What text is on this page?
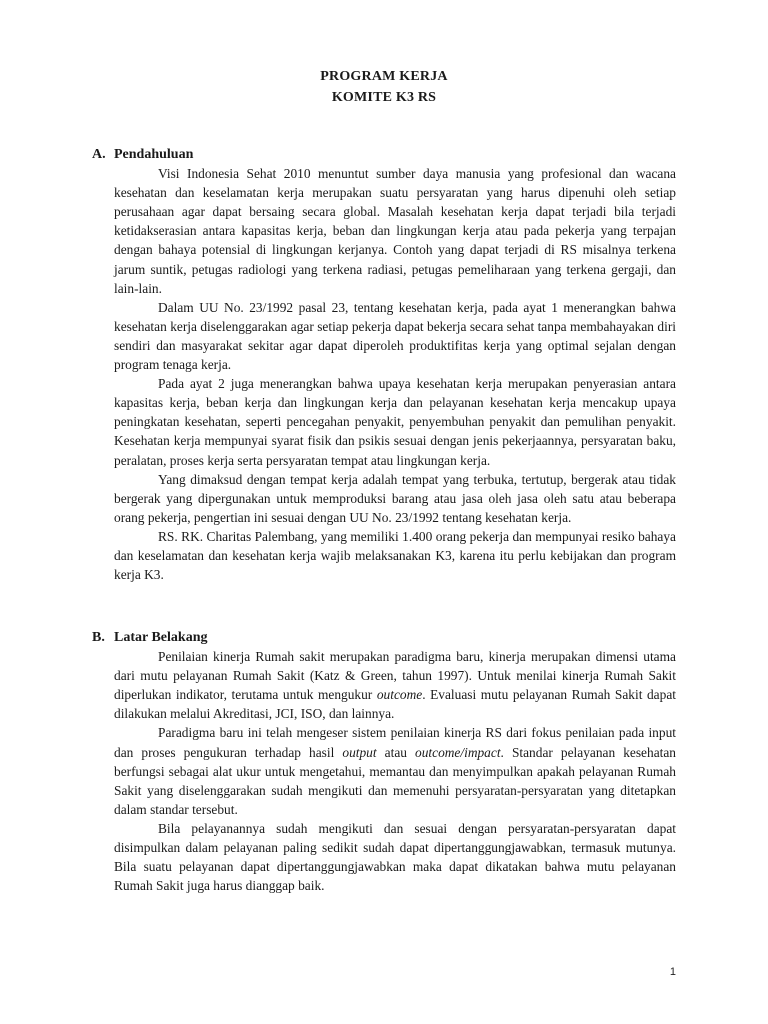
PROGRAM KERJA
KOMITE K3 RS
A. Pendahuluan

Visi Indonesia Sehat 2010 menuntut sumber daya manusia yang profesional dan wacana kesehatan dan keselamatan kerja merupakan suatu persyaratan yang harus dipenuhi oleh setiap perusahaan agar dapat bersaing secara global. Masalah kesehatan kerja dapat terjadi bila terjadi ketidakserasian antara kapasitas kerja, beban dan lingkungan kerja atau pada pekerja yang terpajan dengan bahaya potensial di lingkungan kerjanya. Contoh yang dapat terjadi di RS misalnya terkena jarum suntik, petugas radiologi yang terkena radiasi, petugas pemeliharaan yang terkena gergaji, dan lain-lain.

Dalam UU No. 23/1992 pasal 23, tentang kesehatan kerja, pada ayat 1 menerangkan bahwa kesehatan kerja diselenggarakan agar setiap pekerja dapat bekerja secara sehat tanpa membahayakan diri sendiri dan masyarakat sekitar agar dapat diperoleh produktifitas kerja yang optimal sejalan dengan program tenaga kerja.

Pada ayat 2 juga menerangkan bahwa upaya kesehatan kerja merupakan penyerasian antara kapasitas kerja, beban kerja dan lingkungan kerja dan pelayanan kesehatan kerja mencakup upaya peningkatan kesehatan, seperti pencegahan penyakit, penyembuhan penyakit dan pemulihan penyakit. Kesehatan kerja mempunyai syarat fisik dan psikis sesuai dengan jenis pekerjaannya, persyaratan baku, peralatan, proses kerja serta persyaratan tempat atau lingkungan kerja.

Yang dimaksud dengan tempat kerja adalah tempat yang terbuka, tertutup, bergerak atau tidak bergerak yang dipergunakan untuk memproduksi barang atau jasa oleh jasa oleh satu atau beberapa orang pekerja, pengertian ini sesuai dengan UU No. 23/1992 tentang kesehatan kerja.

RS. RK. Charitas Palembang, yang memiliki 1.400 orang pekerja dan mempunyai resiko bahaya dan keselamatan dan kesehatan kerja wajib melaksanakan K3, karena itu perlu kebijakan dan program kerja K3.

B. Latar Belakang

Penilaian kinerja Rumah sakit merupakan paradigma baru, kinerja merupakan dimensi utama dari mutu pelayanan Rumah Sakit (Katz & Green, tahun 1997). Untuk menilai kinerja Rumah Sakit diperlukan indikator, terutama untuk mengukur outcome. Evaluasi mutu pelayanan Rumah Sakit dapat dilakukan melalui Akreditasi, JCI, ISO, dan lainnya.

Paradigma baru ini telah mengeser sistem penilaian kinerja RS dari fokus penilaian pada input dan proses pengukuran terhadap hasil output atau outcome/impact. Standar pelayanan kesehatan berfungsi sebagai alat ukur untuk mengetahui, memantau dan menyimpulkan apakah pelayanan Rumah Sakit yang diselenggarakan sudah mengikuti dan memenuhi persyaratan-persyaratan yang ditetapkan dalam standar tersebut.

Bila pelayanannya sudah mengikuti dan sesuai dengan persyaratan-persyaratan dapat disimpulkan dalam pelayanan paling sedikit sudah dapat dipertanggungjawabkan, termasuk mutunya. Bila suatu pelayanan dapat dipertanggungjawabkan maka dapat dikatakan bahwa mutu pelayanan Rumah Sakit juga harus dianggap baik.

1
